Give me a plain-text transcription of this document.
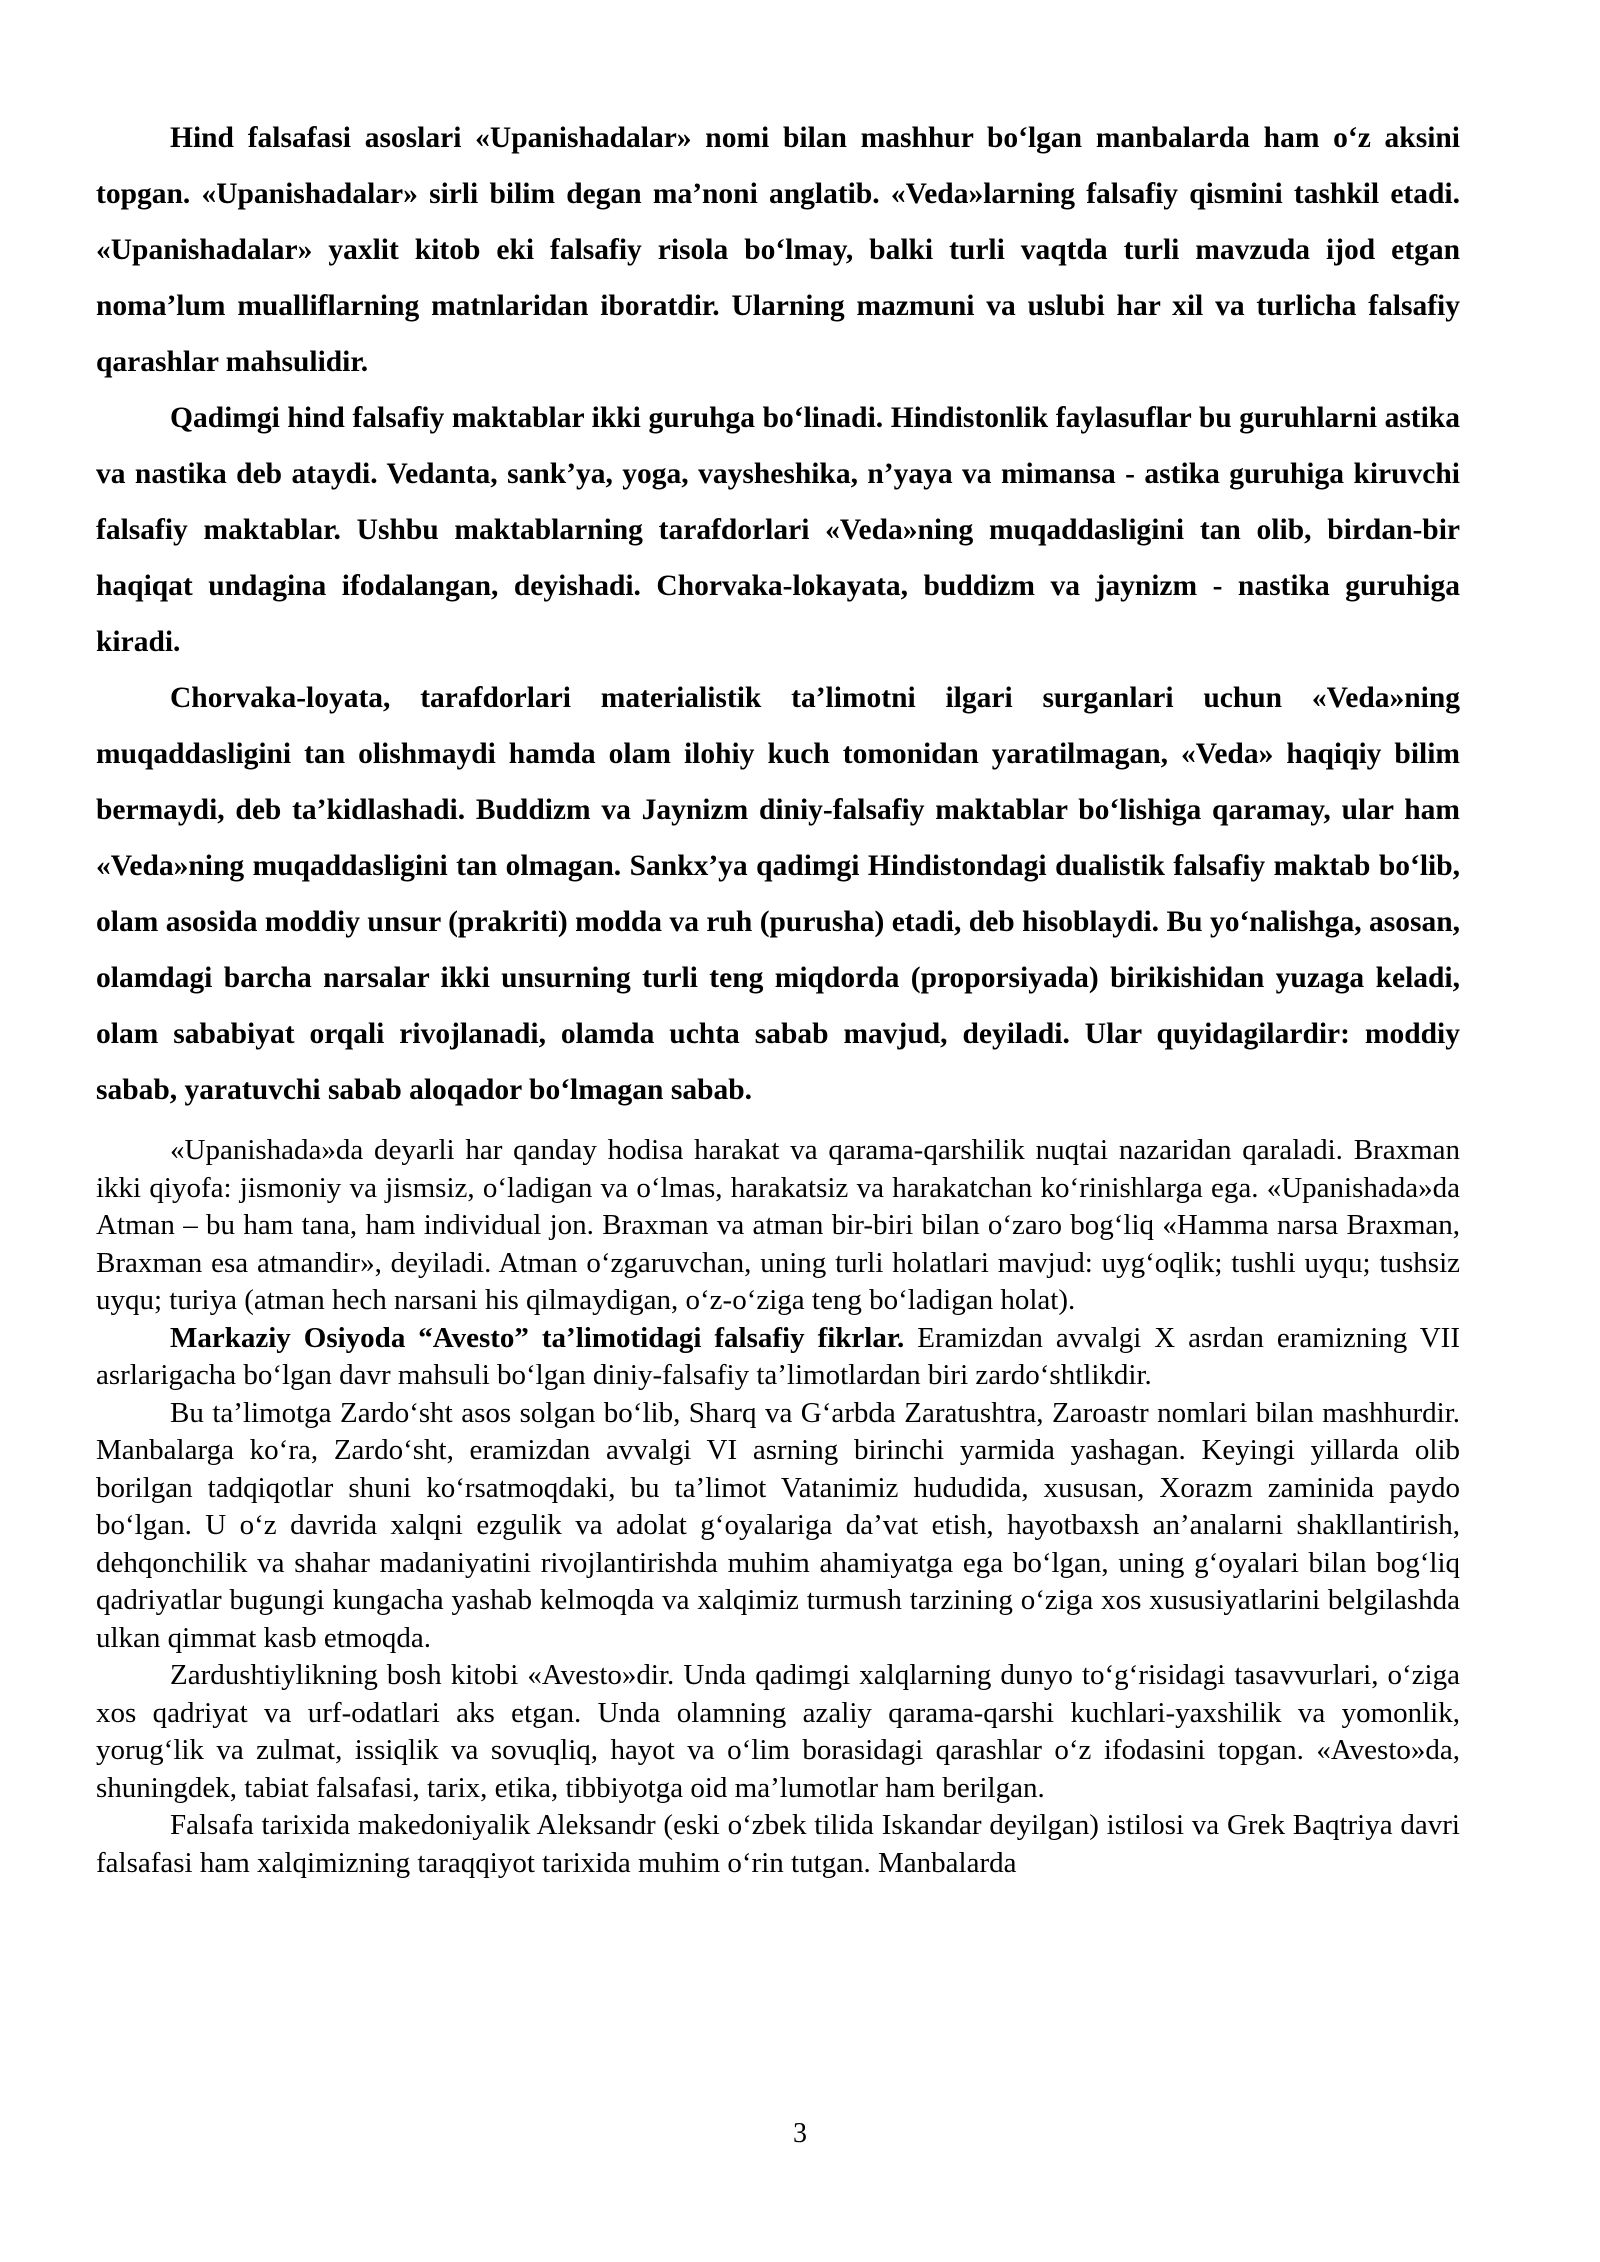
Hind falsafasi asoslari «Upanishadalar» nomi bilan mashhur bo‘lgan manbalarda ham o‘z aksini topgan. «Upanishadalar» sirli bilim degan ma’noni anglatib. «Veda»larning falsafiy qismini tashkil etadi. «Upanishadalar» yaxlit kitob eki falsafiy risola bo‘lmay, balki turli vaqtda turli mavzuda ijod etgan noma’lum mualliflarning matnlaridan iboratdir. Ularning mazmuni va uslubi har xil va turlicha falsafiy qarashlar mahsulidir.

Qadimgi hind falsafiy maktablar ikki guruhga bo‘linadi. Hindistonlik faylasuflar bu guruhlarni astika va nastika deb ataydi. Vedanta, sank’ya, yoga, vaysheshika, n’yaya va mimansa - astika guruhiga kiruvchi falsafiy maktablar. Ushbu maktablarning tarafdorlari «Veda»ning muqaddasligini tan olib, birdan-bir haqiqat undagina ifodalangan, deyishadi. Chorvaka-lokayata, buddizm va jaynizm - nastika guruhiga kiradi.

Chorvaka-loyata, tarafdorlari materialistik ta’limotni ilgari surganlari uchun «Veda»ning muqaddasligini tan olishmaydi hamda olam ilohiy kuch tomonidan yaratilmagan, «Veda» haqiqiy bilim bermaydi, deb ta’kidlashadi. Buddizm va Jaynizm diniy-falsafiy maktablar bo‘lishiga qaramay, ular ham «Veda»ning muqaddasligini tan olmagan. Sankx’ya qadimgi Hindistondagi dualistik falsafiy maktab bo‘lib, olam asosida moddiy unsur (prakriti) modda va ruh (purusha) etadi, deb hisoblaydi. Bu yo‘nalishga, asosan, olamdagi barcha narsalar ikki unsurning turli teng miqdorda (proporsiyada) birikishidan yuzaga keladi, olam sababiyat orqali rivojlanadi, olamda uchta sabab mavjud, deyiladi. Ular quyidagilardir: moddiy sabab, yaratuvchi sabab aloqador bo‘lmagan sabab.

«Upanishada»da deyarli har qanday hodisa harakat va qarama-qarshilik nuqtai nazaridan qaraladi. Braxman ikki qiyofa: jismoniy va jismsiz, o‘ladigan va o‘lmas, harakatsiz va harakatchan ko‘rinishlarga ega. «Upanishada»da Atman – bu ham tana, ham individual jon. Braxman va atman bir-biri bilan o‘zaro bog‘liq «Hamma narsa Braxman, Braxman esa atmandir», deyiladi. Atman o‘zgaruvchan, uning turli holatlari mavjud: uyg‘oqlik; tushli uyqu; tushsiz uyqu; turiya (atman hech narsani his qilmaydigan, o‘z-o‘ziga teng bo‘ladigan holat).

Markaziy Osiyoda “Avesto” ta’limotidagi falsafiy fikrlar. Eramizdan avvalgi X asrdan eramizning VII asrlarigacha bo‘lgan davr mahsuli bo‘lgan diniy-falsafiy ta’limotlardan biri zardo‘shtlikdir.

Bu ta’limotga Zardo‘sht asos solgan bo‘lib, Sharq va G‘arbda Zaratushtra, Zaroastr nomlari bilan mashhurdir. Manbalarga ko‘ra, Zardo‘sht, eramizdan avvalgi VI asrning birinchi yarmida yashagan. Keyingi yillarda olib borilgan tadqiqotlar shuni ko‘rsatmoqdaki, bu ta’limot Vatanimiz hududida, xususan, Xorazm zaminida paydo bo‘lgan. U o‘z davrida xalqni ezgulik va adolat g‘oyalariga da’vat etish, hayotbaxsh an’analarni shakllantirish, dehqonchilik va shahar madaniyatini rivojlantirishda muhim ahamiyatga ega bo‘lgan, uning g‘oyalari bilan bog‘liq qadriyatlar bugungi kungacha yashab kelmoqda va xalqimiz turmush tarzining o‘ziga xos xususiyatlarini belgilashda ulkan qimmat kasb etmoqda.

Zardushtiylikning bosh kitobi «Avesto»dir. Unda qadimgi xalqlarning dunyo to‘g‘risidagi tasavvurlari, o‘ziga xos qadriyat va urf-odatlari aks etgan. Unda olamning azaliy qarama-qarshi kuchlari-yaxshilik va yomonlik, yorug‘lik va zulmat, issiqlik va sovuqliq, hayot va o‘lim borasidagi qarashlar o‘z ifodasini topgan. «Avesto»da, shuningdek, tabiat falsafasi, tarix, etika, tibbiyotga oid ma’lumotlar ham berilgan.

Falsafa tarixida makedoniyalik Aleksandr (eski o‘zbek tilida Iskandar deyilgan) istilosi va Grek Baqtriya davri falsafasi ham xalqimizning taraqqiyot tarixida muhim o‘rin tutgan. Manbalarda

3
